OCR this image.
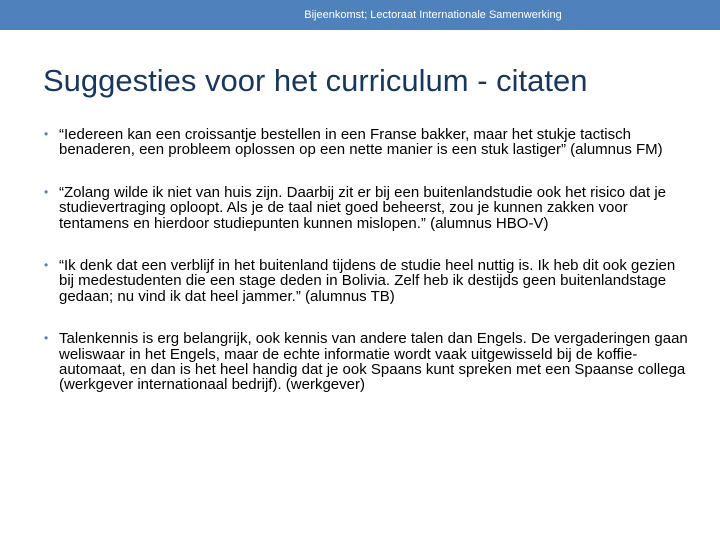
Bijeenkomst; Lectoraat Internationale Samenwerking
Suggesties voor het curriculum - citaten
• “Iedereen kan een croissantje bestellen in een Franse bakker, maar het stukje tactisch benaderen, een probleem oplossen op een nette manier is een stuk lastiger” (alumnus FM)
• “Zolang wilde ik niet van huis zijn. Daarbij zit er bij een buitenlandstudie ook het risico dat je studievertraging oploopt. Als je de taal niet goed beheerst, zou je kunnen zakken voor tentamens en hierdoor studiepunten kunnen mislopen.” (alumnus HBO-V)
• “Ik denk dat een verblijf in het buitenland tijdens de studie heel nuttig is. Ik heb dit ook gezien bij medestudenten die een stage deden in Bolivia. Zelf heb ik destijds geen buitenlandstage gedaan; nu vind ik dat heel jammer.” (alumnus TB)
• Talenkennis is erg belangrijk, ook kennis van andere talen dan Engels. De vergaderingen gaan weliswaar in het Engels, maar de echte informatie wordt vaak uitgewisseld bij de koffie-automaat, en dan is het heel handig dat je ook Spaans kunt spreken met een Spaanse collega (werkgever internationaal bedrijf). (werkgever)
